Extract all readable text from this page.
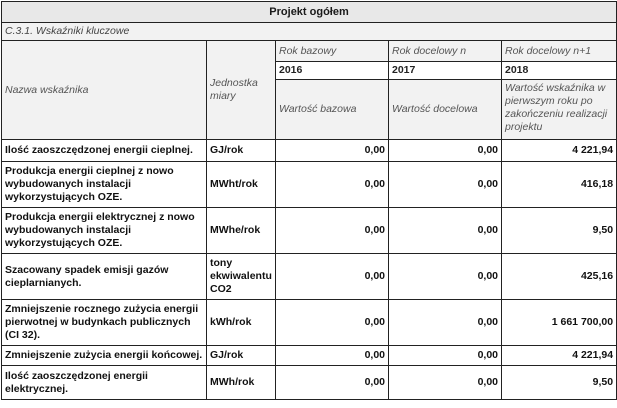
Projekt ogółem				
C.3.1. Wskaźniki kluczowe				
Nazwa wskaźnika	Jednostka miary	Rok bazowy	Rok docelowy n	Rok docelowy n+1
		2016	2017	2018
		Wartość bazowa	Wartość docelowa	Wartość wskaźnika w pierwszym roku po zakończeniu realizacji projektu
Ilość zaoszczędzonej energii cieplnej.	GJ/rok	0,00	0,00	4 221,94
Produkcja energii cieplnej z nowo wybudowanych instalacji wykorzystujących OZE.	MWht/rok	0,00	0,00	416,18
Produkcja energii elektrycznej z nowo wybudowanych instalacji wykorzystujących OZE.	MWhe/rok	0,00	0,00	9,50
Szacowany spadek emisji gazów cieplarnianych.	tony ekwiwalentu CO2	0,00	0,00	425,16
Zmniejszenie rocznego zużycia energii pierwotnej w budynkach publicznych (CI 32).	kWh/rok	0,00	0,00	1 661 700,00
Zmniejszenie zużycia energii końcowej.	GJ/rok	0,00	0,00	4 221,94
Ilość zaoszczędzonej energii elektrycznej.	MWh/rok	0,00	0,00	9,50
